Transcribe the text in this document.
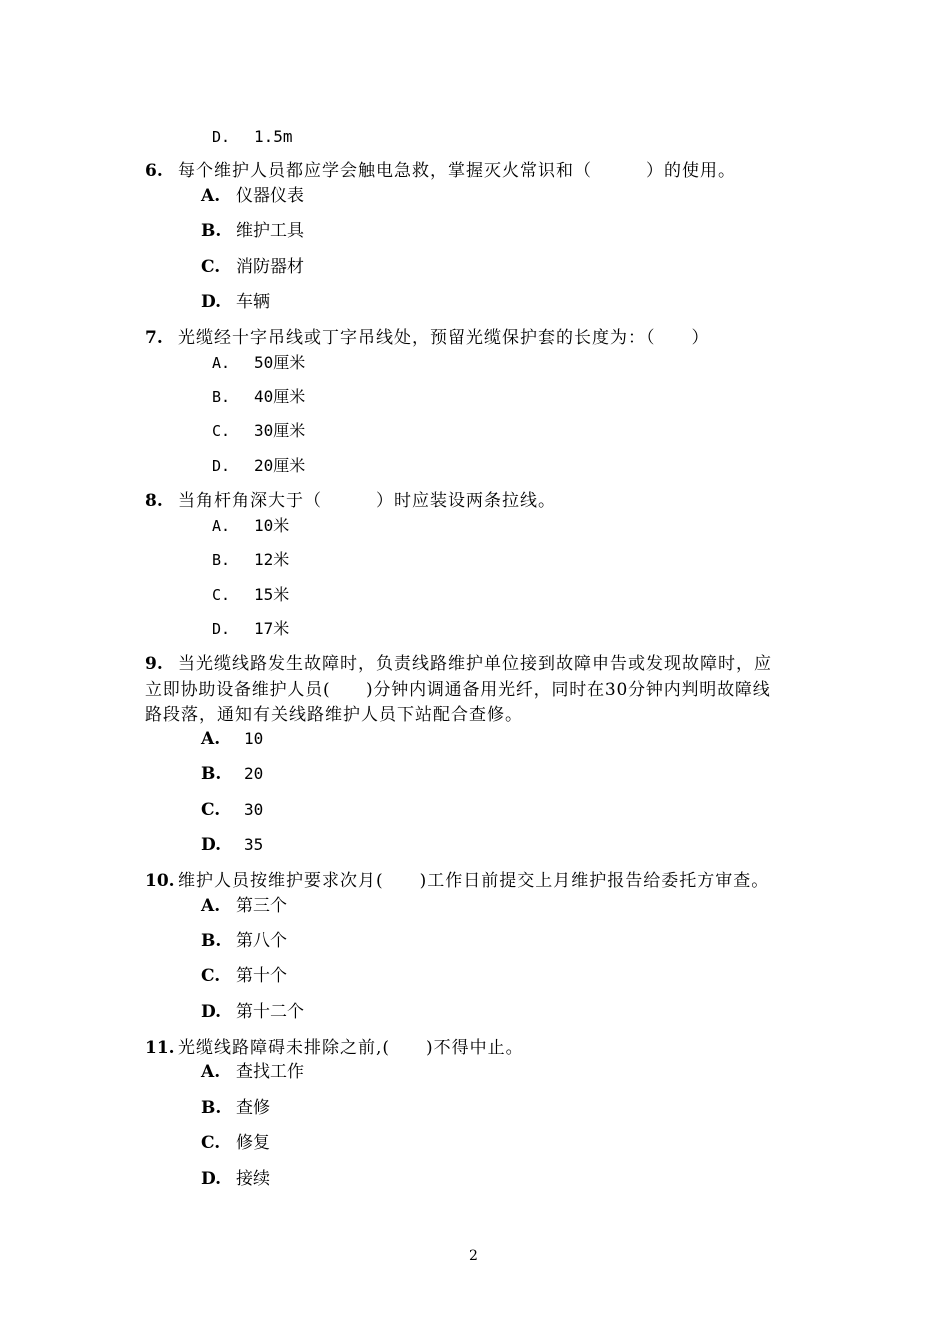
D. 1.5m
6. 每个维护人员都应学会触电急救，掌握灭火常识和（　　　）的使用。
A. 仪器仪表
B. 维护工具
C. 消防器材
D. 车辆
7. 光缆经十字吊线或丁字吊线处，预留光缆保护套的长度为：（　　）
A. 50厘米
B. 40厘米
C. 30厘米
D. 20厘米
8. 当角杆角深大于（　　　）时应装设两条拉线。
A. 10米
B. 12米
C. 15米
D. 17米
9. 当光缆线路发生故障时，负责线路维护单位接到故障申告或发现故障时，应
立即协助设备维护人员(　　)分钟内调通备用光纤，同时在30分钟内判明故障线
路段落，通知有关线路维护人员下站配合查修。
A. 10
B. 20
C. 30
D. 35
10. 维护人员按维护要求次月(　　)工作日前提交上月维护报告给委托方审查。
A. 第三个
B. 第八个
C. 第十个
D. 第十二个
11. 光缆线路障碍未排除之前,(　　)不得中止。
A. 查找工作
B. 查修
C. 修复
D. 接续
2
